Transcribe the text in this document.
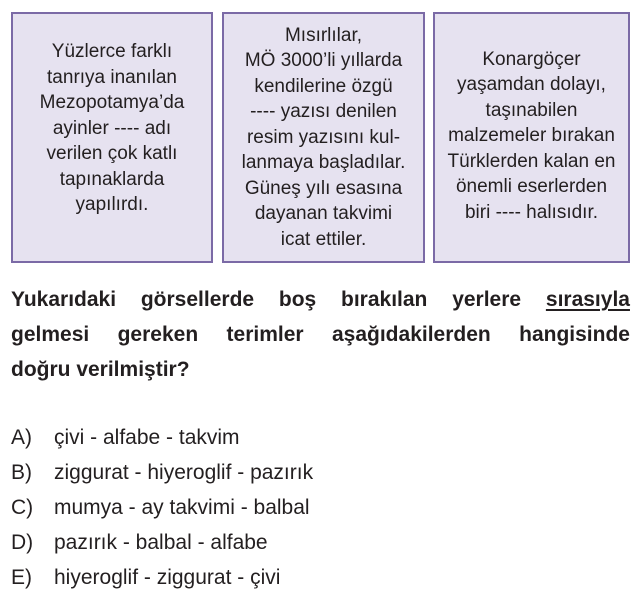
Yüzlerce farklı
tanrıya inanılan
Mezopotamya’da
ayinler ---- adı
verilen çok katlı
tapınaklarda
yapılırdı.
Mısırlılar,
MÖ 3000’li yıllarda
kendilerine özgü
---- yazısı denilen
resim yazısını kul-
lanmaya başladılar.
Güneş yılı esasına
dayanan takvimi
icat ettiler.
Konargöçer
yaşamdan dolayı,
taşınabilen
malzemeler bırakan
Türklerden kalan en
önemli eserlerden
biri ---- halısıdır.
Yukarıdaki görsellerde boş bırakılan yerlere sırasıyla
gelmesi gereken terimler aşağıdakilerden hangisinde
doğru verilmiştir?
A)	çivi - alfabe - takvim
B)	ziggurat - hiyeroglif - pazırık
C) mumya - ay takvimi - balbal
D) pazırık - balbal - alfabe
E)	hiyeroglif - ziggurat - çivi
